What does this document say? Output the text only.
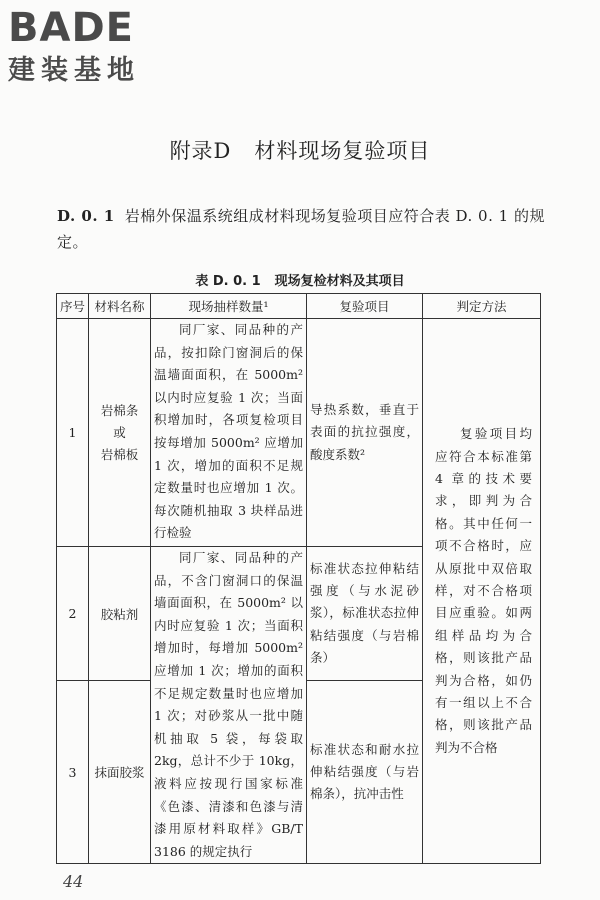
BADE
建装基地
附录D   材料现场复验项目
D. 0. 1 岩棉外保温系统组成材料现场复验项目应符合表 D. 0. 1 的规定。
表 D. 0. 1 现场复检材料及其项目
序号	材料名称	现场抽样数量¹	复验项目	判定方法
1	岩棉条
或
岩棉板	同厂家、同品种的产品，按扣除门窗洞后的保温墙面面积，在 5000m² 以内时应复验 1 次；当面积增加时，各项复检项目按每增加 5000m² 应增加 1 次，增加的面积不足规定数量时也应增加 1 次。每次随机抽取 3 块样品进行检验	导热系数，垂直于表面的抗拉强度，酸度系数²	复验项目均应符合本标准第 4 章的技术要求，即判为合格。其中任何一项不合格时，应从原批中双倍取样，对不合格项目应重验。如两组样品均为合格，则该批产品判为合格，如仍有一组以上不合格，则该批产品判为不合格
2	胶粘剂	同厂家、同品种的产品，不含门窗洞口的保温墙面面积，在 5000m² 以内时应复验 1 次；当面积增加时，每增加 5000m² 应增加 1 次；增加的面积不足规定数量时也应增加 1 次；对砂浆从一批中随机抽取 5 袋，每袋取 2kg，总计不少于 10kg，液料应按现行国家标准《色漆、清漆和色漆与清漆用原材料取样》GB/T 3186 的规定执行	标准状态拉伸粘结强度（与水泥砂浆），标准状态拉伸粘结强度（与岩棉条）	
3	抹面胶浆		标准状态和耐水拉伸粘结强度（与岩棉条），抗冲击性	
44
